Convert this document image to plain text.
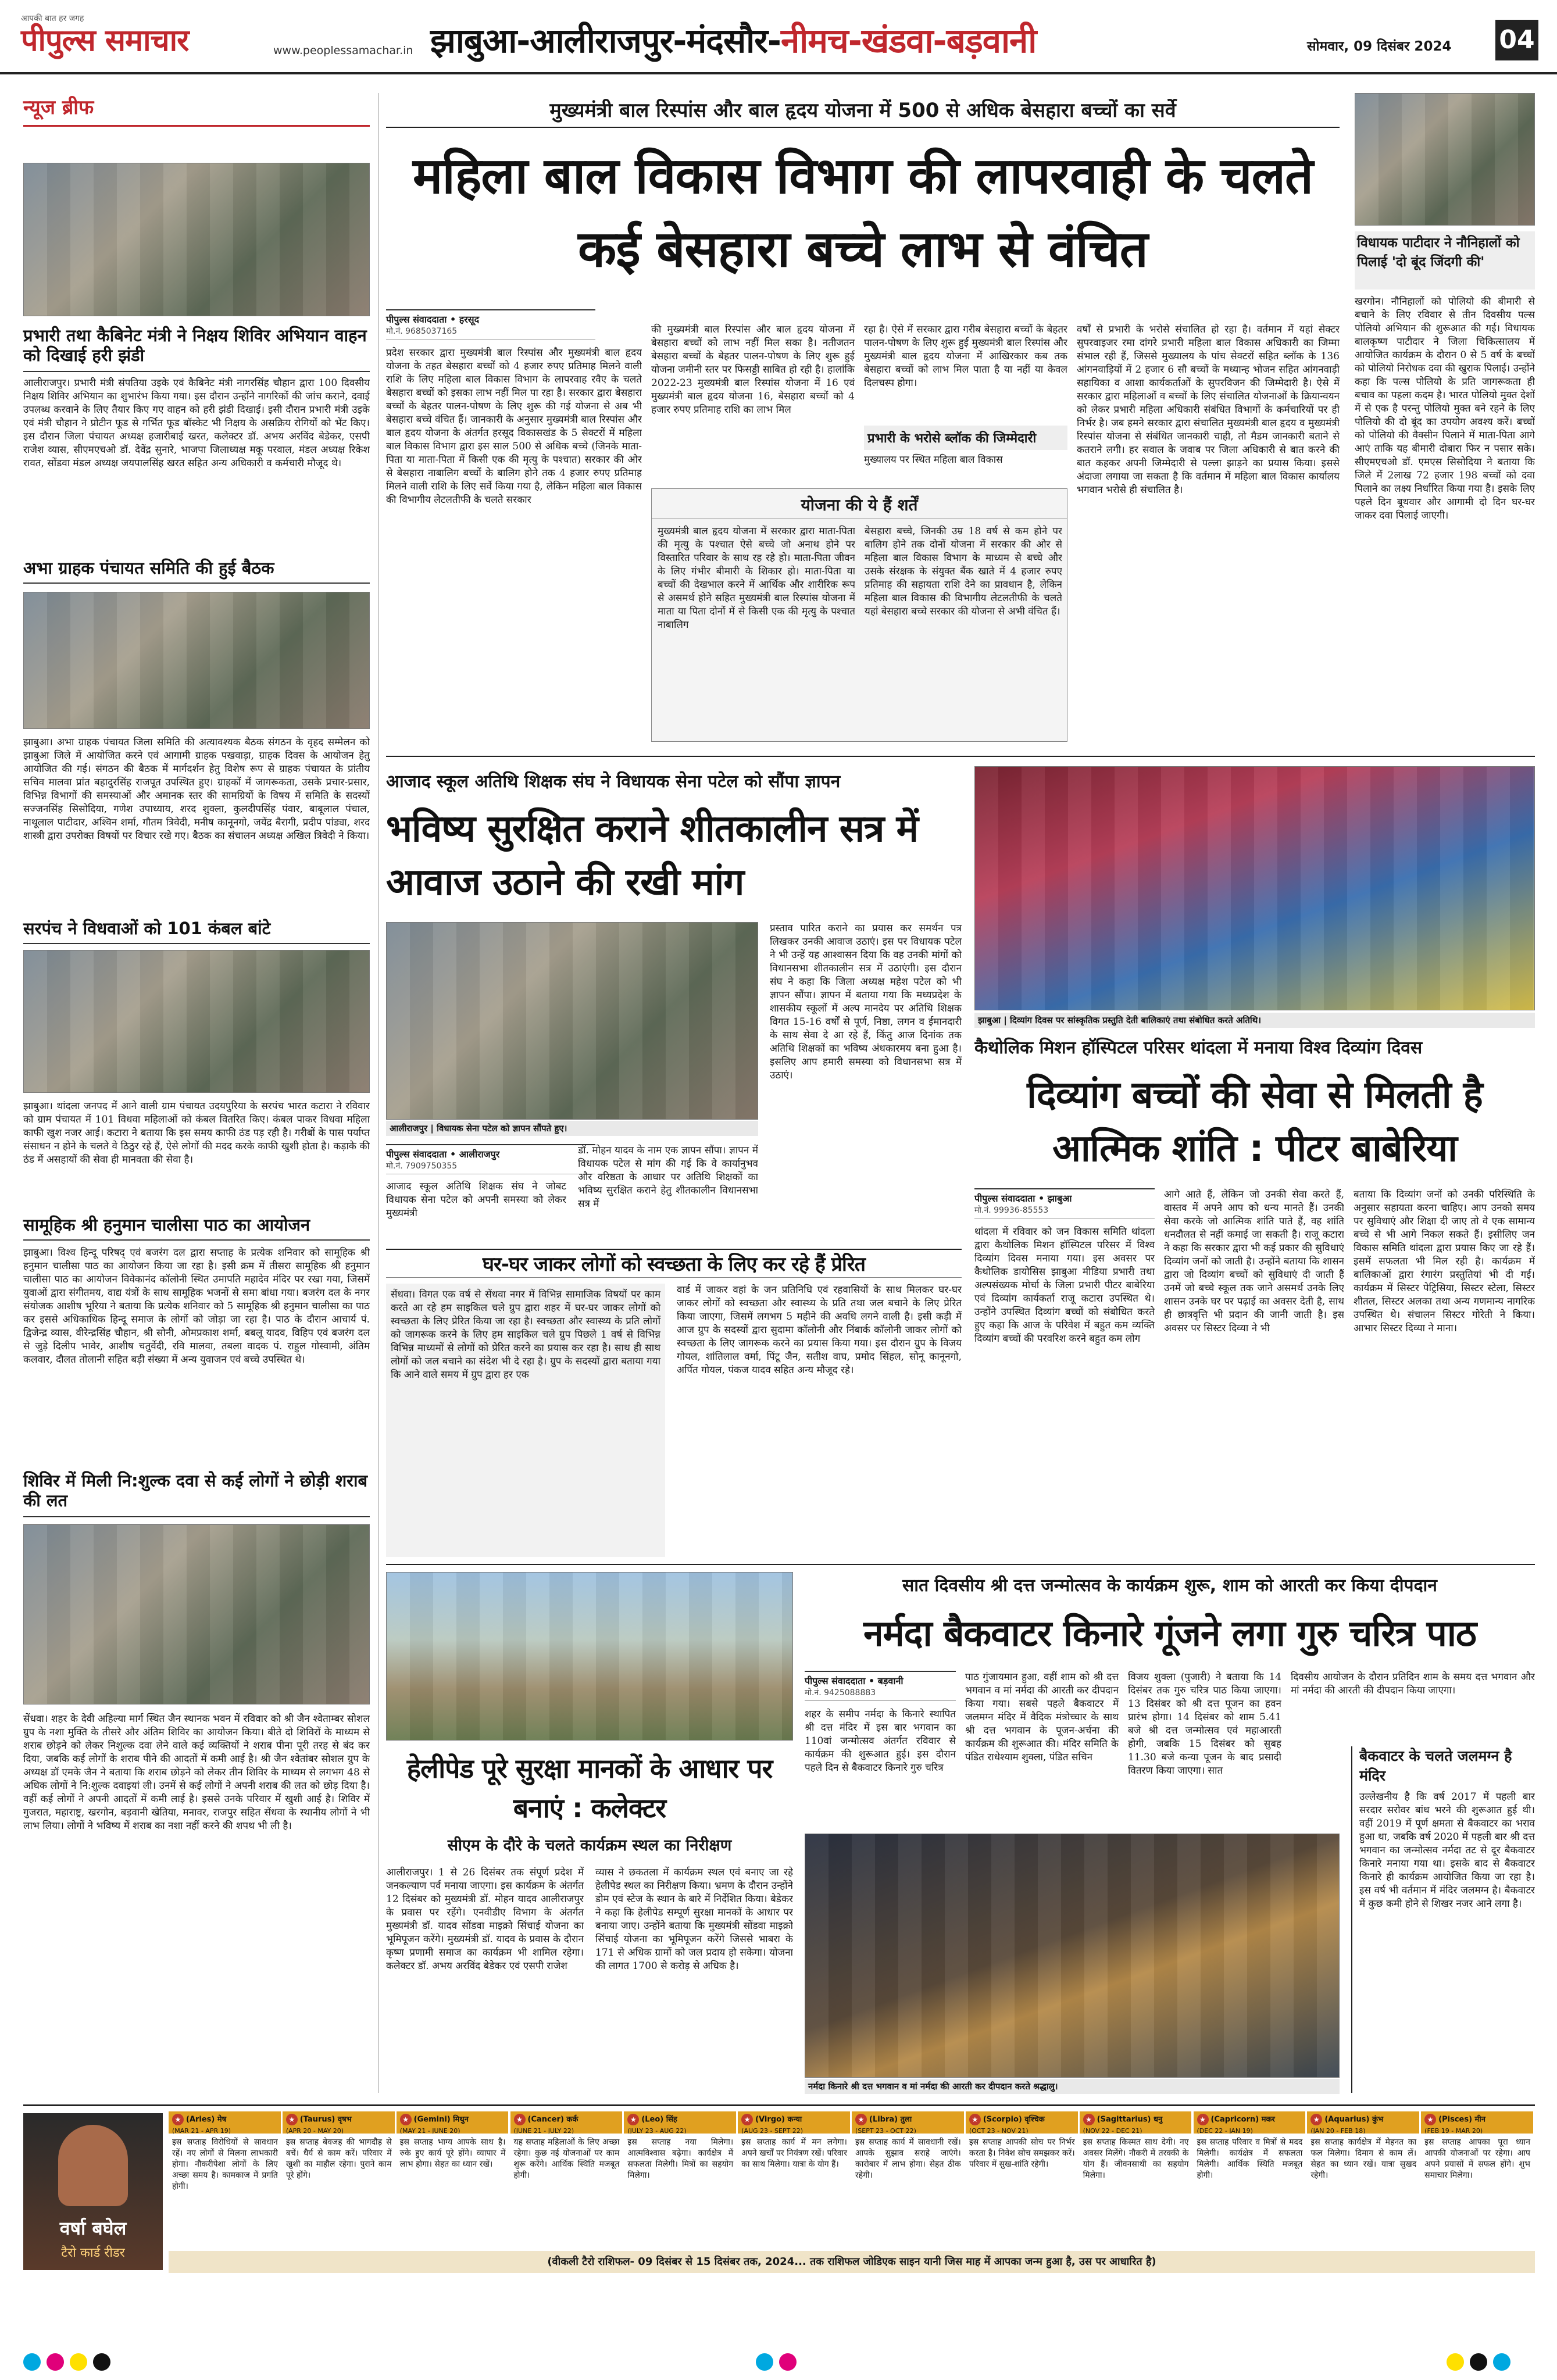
आपकी बात हर जगह
पीपुल्स समाचार	www.peoplessamachar.in झाबुआ-आलीराजपुर-मंदसौर-नीमच-खंडवा-बड़वानी	सोमवार, 09 दिसंबर 2024 04
न्यूज ब्रीफ
प्रभारी तथा कैबिनेट मंत्री ने निक्षय शिविर अभियान वाहन को दिखाई हरी झंडी
आलीराजपुर। प्रभारी मंत्री संपतिया उइके एवं कैबिनेट मंत्री नागरसिंह चौहान द्वारा 100 दिवसीय निक्षय शिविर अभियान का शुभारंभ किया गया। इस दौरान उन्होंने नागरिकों की जांच कराने, दवाई उपलब्ध करवाने के लिए तैयार किए गए वाहन को हरी झंडी दिखाई। इसी दौरान प्रभारी मंत्री उइके एवं मंत्री चौहान ने प्रोटीन फूड से गर्भित फूड बॉस्केट भी निक्षय के असक्रिय रोगियों को भेंट किए। इस दौरान जिला पंचायत अध्यक्ष हजारीबाई खरत, कलेक्टर डॉ. अभय अरविंद बेडेकर, एसपी राजेश व्यास, सीएमएचओ डॉ. देवेंद्र सुनारे, भाजपा जिलाध्यक्ष मकू परवाल, मंडल अध्यक्ष रिकेश रावत, सोंडवा मंडल अध्यक्ष जयपालसिंह खरत सहित अन्य अधिकारी व कर्मचारी मौजूद थे।
अभा ग्राहक पंचायत समिति की हुई बैठक
झाबुआ। अभा ग्राहक पंचायत जिला समिति की अत्यावश्यक बैठक संगठन के वृहद सम्मेलन को झाबुआ जिले में आयोजित करने एवं आगामी ग्राहक पखवाड़ा, ग्राहक दिवस के आयोजन हेतु आयोजित की गई। संगठन की बैठक में मार्गदर्शन हेतु विशेष रूप से ग्राहक पंचायत के प्रांतीय सचिव मालवा प्रांत बहादुरसिंह राजपूत उपस्थित हुए। ग्राहकों में जागरूकता, उसके प्रचार-प्रसार, विभिन्न विभागों की समस्याओं और अमानक स्तर की सामग्रियों के विषय में समिति के सदस्यों सज्जनसिंह सिसोदिया, गणेश उपाध्याय, शरद शुक्ला, कुलदीपसिंह पंवार, बाबूलाल पंचाल, नाथूलाल पाटीदार, अश्विन शर्मा, गौतम त्रिवेदी, मनीष कानूनगो, जयेंद्र बैरागी, प्रदीप पांड्या, शरद शास्त्री द्वारा उपरोक्त विषयों पर विचार रखे गए। बैठक का संचालन अध्यक्ष अखिल त्रिवेदी ने किया।
सरपंच ने विधवाओं को 101 कंबल बांटे
झाबुआ। थांदला जनपद में आने वाली ग्राम पंचायत उदयपुरिया के सरपंच भारत कटारा ने रविवार को ग्राम पंचायत में 101 विधवा महिलाओं को कंबल वितरित किए। कंबल पाकर विधवा महिला काफी खुश नजर आई। कटारा ने बताया कि इस समय काफी ठंड पड़ रही है। गरीबों के पास पर्याप्त संसाधन न होने के चलते वे ठिठुर रहे हैं, ऐसे लोगों की मदद करके काफी खुशी होता है। कड़ाके की ठंड में असहायों की सेवा ही मानवता की सेवा है।
सामूहिक श्री हनुमान चालीसा पाठ का आयोजन
झाबुआ। विश्व हिन्दू परिषद् एवं बजरंग दल द्वारा सप्ताह के प्रत्येक शनिवार को सामूहिक श्री हनुमान चालीसा पाठ का आयोजन किया जा रहा है। इसी क्रम में तीसरा सामूहिक श्री हनुमान चालीसा पाठ का आयोजन विवेकानंद कॉलोनी स्थित उमापति महादेव मंदिर पर रखा गया, जिसमें युवाओं द्वारा संगीतमय, वाद्य यंत्रों के साथ सामूहिक भजनों से समा बांधा गया। बजरंग दल के नगर संयोजक आशीष भूरिया ने बताया कि प्रत्येक शनिवार को 5 सामूहिक श्री हनुमान चालीसा का पाठ कर इससे अधिकाधिक हिन्दू समाज के लोगों को जोड़ा जा रहा है। पाठ के दौरान आचार्य पं. द्विजेन्द्र व्यास, वीरेन्द्रसिंह चौहान, श्री सोनी, ओमप्रकाश शर्मा, बबलू यादव, विहिप एवं बजरंग दल से जुड़े दिलीप भावेर, आशीष चतुर्वेदी, रवि मालवा, तबला वादक पं. राहुल गोस्वामी, अंतिम कलवार, दौलत तोलानी सहित बड़ी संख्या में अन्य युवाजन एवं बच्चे उपस्थित थे।
शिविर में मिली नि:शुल्क दवा से कई लोगों ने छोड़ी शराब की लत
सेंधवा। शहर के देवी अहिल्या मार्ग स्थित जैन स्थानक भवन में रविवार को श्री जैन श्वेताम्बर सोशल ग्रुप के नशा मुक्ति के तीसरे और अंतिम शिविर का आयोजन किया। बीते दो शिविरों के माध्यम से शराब छोड़ने को लेकर निशुल्क दवा लेने वाले कई व्यक्तियों ने शराब पीना पूरी तरह से बंद कर दिया, जबकि कई लोगों के शराब पीने की आदतों में कमी आई है। श्री जैन श्वेतांबर सोशल ग्रुप के अध्यक्ष डॉ एमके जैन ने बताया कि शराब छोड़ने को लेकर तीन शिविर के माध्यम से लगभग 48 से अधिक लोगों ने नि:शुल्क दवाइयां ली। उनमें से कई लोगों ने अपनी शराब की लत को छोड़ दिया है। वहीं कई लोगों ने अपनी आदतों में कमी लाई है। इससे उनके परिवार में खुशी आई है। शिविर में गुजरात, महाराष्ट्र, खरगोन, बड़वानी खेतिया, मनावर, राजपुर सहित सेंधवा के स्थानीय लोगों ने भी लाभ लिया। लोगों ने भविष्य में शराब का नशा नहीं करने की शपथ भी ली है।
मुख्यमंत्री बाल रिस्पांस और बाल हृदय योजना में 500 से अधिक बेसहारा बच्चों का सर्वे
महिला बाल विकास विभाग की लापरवाही के चलते कई बेसहारा बच्चे लाभ से वंचित
पीपुल्स संवाददाता • हरसूद
मो.नं. 9685037165
प्रदेश सरकार द्वारा मुख्यमंत्री बाल रिस्पांस और मुख्यमंत्री बाल हृदय योजना के तहत बेसहारा बच्चों को 4 हजार रुपए प्रतिमाह मिलने वाली राशि के लिए महिला बाल विकास विभाग के लापरवाह रवैए के चलते बेसहारा बच्चों को इसका लाभ नहीं मिल पा रहा है। सरकार द्वारा बेसहारा बच्चों के बेहतर पालन-पोषण के लिए शुरू की गई योजना से अब भी बेसहारा बच्चे वंचित हैं। जानकारी के अनुसार मुख्यमंत्री बाल रिस्पांस और बाल हृदय योजना के अंतर्गत हरसूद विकासखंड के 5 सेक्टरों में महिला बाल विकास विभाग द्वारा इस साल 500 से अधिक बच्चे (जिनके माता-पिता या माता-पिता में किसी एक की मृत्यु के पश्चात) सरकार की ओर से बेसहारा नाबालिग बच्चों के बालिग होने तक 4 हजार रुपए प्रतिमाह मिलने वाली राशि के लिए सर्वे किया गया है, लेकिन महिला बाल विकास की विभागीय लेटलतीफी के चलते सरकार
की मुख्यमंत्री बाल रिस्पांस और बाल हृदय योजना में बेसहारा बच्चों को लाभ नहीं मिल सका है। नतीजतन बेसहारा बच्चों के बेहतर पालन-पोषण के लिए शुरू हुई योजना जमीनी स्तर पर फिसड्डी साबित हो रही है। हालांकि 2022-23 मुख्यमंत्री बाल रिस्पांस योजना में 16 एवं मुख्यमंत्री बाल हृदय योजना 16, बेसहारा बच्चों को 4 हजार रुपए प्रतिमाह राशि का लाभ मिल
रहा है। ऐसे में सरकार द्वारा गरीब बेसहारा बच्चों के बेहतर पालन-पोषण के लिए शुरू हुई मुख्यमंत्री बाल रिस्पांस और मुख्यमंत्री बाल हृदय योजना में आखिरकार कब तक बेसहारा बच्चों को लाभ मिल पाता है या नहीं या केवल दिलचस्प होगा।
प्रभारी के भरोसे ब्लॉक की जिम्मेदारी
मुख्यालय पर स्थित महिला बाल विकास
वर्षों से प्रभारी के भरोसे संचालित हो रहा है। वर्तमान में यहां सेक्टर सुपरवाइजर रमा दांगरे प्रभारी महिला बाल विकास अधिकारी का जिम्मा संभाल रही हैं, जिससे मुख्यालय के पांच सेक्टरों सहित ब्लॉक के 136 आंगनवाड़ियों में 2 हजार 6 सौ बच्चों के मध्यान्ह भोजन सहित आंगनवाड़ी सहायिका व आशा कार्यकर्ताओं के सुपरविजन की जिम्मेदारी है। ऐसे में सरकार द्वारा महिलाओं व बच्चों के लिए संचालित योजनाओं के क्रियान्वयन को लेकर प्रभारी महिला अधिकारी संबंधित विभागों के कर्मचारियों पर ही निर्भर है। जब हमने सरकार द्वारा संचालित मुख्यमंत्री बाल हृदय व मुख्यमंत्री रिस्पांस योजना से संबंधित जानकारी चाही, तो मैडम जानकारी बताने से कतराने लगी। हर सवाल के जवाब पर जिला अधिकारी से बात करने की बात कहकर अपनी जिम्मेदारी से पल्ला झाड़ने का प्रयास किया। इससे अंदाजा लगाया जा सकता है कि वर्तमान में महिला बाल विकास कार्यालय भगवान भरोसे ही संचालित है।
योजना की ये हैं शर्तें
मुख्यमंत्री बाल हृदय योजना में सरकार द्वारा माता-पिता की मृत्यु के पश्चात ऐसे बच्चे जो अनाथ होने पर विस्तारित परिवार के साथ रह रहे हो। माता-पिता जीवन के लिए गंभीर बीमारी के शिकार हो। माता-पिता या बच्चों की देखभाल करने में आर्थिक और शारीरिक रूप से असमर्थ होने सहित मुख्यमंत्री बाल रिस्पांस योजना में माता या पिता दोनों में से किसी एक की मृत्यु के पश्चात नाबालिग
बेसहारा बच्चे, जिनकी उम्र 18 वर्ष से कम होने पर बालिग होने तक दोनों योजना में सरकार की ओर से महिला बाल विकास विभाग के माध्यम से बच्चे और उसके संरक्षक के संयुक्त बैंक खाते में 4 हजार रुपए प्रतिमाह की सहायता राशि देने का प्रावधान है, लेकिन महिला बाल विकास की विभागीय लेटलतीफी के चलते यहां बेसहारा बच्चे सरकार की योजना से अभी वंचित हैं।
विधायक पाटीदार ने नौनिहालों को पिलाई 'दो बूंद जिंदगी की'
खरगोन। नौनिहालों को पोलियो की बीमारी से बचाने के लिए रविवार से तीन दिवसीय पल्स पोलियो अभियान की शुरूआत की गई। विधायक बालकृष्ण पाटीदार ने जिला चिकित्सालय में आयोजित कार्यक्रम के दौरान 0 से 5 वर्ष के बच्चों को पोलियो निरोधक दवा की खुराक पिलाई। उन्होंने कहा कि पल्स पोलियो के प्रति जागरूकता ही बचाव का पहला कदम है। भारत पोलियो मुक्त देशों में से एक है परन्तु पोलियो मुक्त बने रहने के लिए पोलियो की दो बूंद का उपयोग अवश्य करें। बच्चों को पोलियो की वैक्सीन पिलाने में माता-पिता आगे आएं ताकि यह बीमारी दोबारा फिर न पसार सके। सीएमएचओ डॉ. एमएस सिसोदिया ने बताया कि जिले में 2लाख 72 हजार 198 बच्चों को दवा पिलाने का लक्ष्य निर्धारित किया गया है। इसके लिए पहले दिन बूथवार और आगामी दो दिन घर-घर जाकर दवा पिलाई जाएगी।
आजाद स्कूल अतिथि शिक्षक संघ ने विधायक सेना पटेल को सौंपा ज्ञापन
भविष्य सुरक्षित कराने शीतकालीन सत्र में आवाज उठाने की रखी मांग
आलीराजपुर | विधायक सेना पटेल को ज्ञापन सौंपते हुए।
पीपुल्स संवाददाता • आलीराजपुर
मो.नं. 7909750355
आजाद स्कूल अतिथि शिक्षक संघ ने जोबट विधायक सेना पटेल को अपनी समस्या को लेकर मुख्यमंत्री
डॉ. मोहन यादव के नाम एक ज्ञापन सौंपा। ज्ञापन में विधायक पटेल से मांग की गई कि वे कार्यानुभव और वरिष्ठता के आधार पर अतिथि शिक्षकों का भविष्य सुरक्षित कराने हेतु शीतकालीन विधानसभा सत्र में
प्रस्ताव पारित कराने का प्रयास कर समर्थन पत्र लिखकर उनकी आवाज उठाएं। इस पर विधायक पटेल ने भी उन्हें यह आश्वासन दिया कि वह उनकी मांगों को विधानसभा शीतकालीन सत्र में उठाएंगी। इस दौरान संघ ने कहा कि जिला अध्यक्ष महेश पटेल को भी ज्ञापन सौंपा। ज्ञापन में बताया गया कि मध्यप्रदेश के शासकीय स्कूलों में अल्प मानदेय पर अतिथि शिक्षक विगत 15-16 वर्षों से पूर्ण, निष्ठा, लगन व ईमानदारी के साथ सेवा दे आ रहे हैं, किंतु आज दिनांक तक अतिथि शिक्षकों का भविष्य अंधकारमय बना हुआ है। इसलिए आप हमारी समस्या को विधानसभा सत्र में उठाएं।
घर-घर जाकर लोगों को स्वच्छता के लिए कर रहे हैं प्रेरित
झाबुआ | दिव्यांग दिवस पर सांस्कृतिक प्रस्तुति देती बालिकाएं तथा संबोधित करते अतिथि।
कैथोलिक मिशन हॉस्पिटल परिसर थांदला में मनाया विश्व दिव्यांग दिवस
दिव्यांग बच्चों की सेवा से मिलती है आत्मिक शांति : पीटर बाबेरिया
पीपुल्स संवाददाता • झाबुआ
मो.नं. 99936-85553
थांदला में रविवार को जन विकास समिति थांदला द्वारा कैथोलिक मिशन हॉस्पिटल परिसर में विश्व दिव्यांग दिवस मनाया गया। इस अवसर पर कैथोलिक डायोसिस झाबुआ मीडिया प्रभारी तथा अल्पसंख्यक मोर्चा के जिला प्रभारी पीटर बाबेरिया एवं दिव्यांग कार्यकर्ता राजू कटारा उपस्थित थे। उन्होंने उपस्थित दिव्यांग बच्चों को संबोधित करते हुए कहा कि आज के परिवेश में बहुत कम व्यक्ति दिव्यांग बच्चों की परवरिश करने बहुत कम लोग
आगे आते हैं, लेकिन जो उनकी सेवा करते हैं, वास्तव में अपने आप को धन्य मानते हैं। उनकी सेवा करके जो आत्मिक शांति पाते हैं, वह शांति धनदौलत से नहीं कमाई जा सकती है। राजू कटारा ने कहा कि सरकार द्वारा भी कई प्रकार की सुविधाएं दिव्यांग जनों को जाती है। उन्होंने बताया कि शासन द्वारा जो दिव्यांग बच्चों को सुविधाएं दी जाती हैं उनमें जो बच्चे स्कूल तक जाने असमर्थ उनके लिए शासन उनके घर पर पढ़ाई का अवसर देती है, साथ ही छात्रवृत्ति भी प्रदान की जानी जाती है। इस अवसर पर सिस्टर दिव्या ने भी
बताया कि दिव्यांग जनों को उनकी परिस्थिति के अनुसार सहायता करना चाहिए। आप उनको समय पर सुविधाएं और शिक्षा दी जाए तो वे एक सामान्य बच्चे से भी आगे निकल सकते हैं। इसीलिए जन विकास समिति थांदला द्वारा प्रयास किए जा रहे हैं। इसमें सफलता भी मिल रही है। कार्यक्रम में बालिकाओं द्वारा रंगारंग प्रस्तुतियां भी दी गई। कार्यक्रम में सिस्टर पेट्रिसिया, सिस्टर स्टेला, सिस्टर शीतल, सिस्टर अलका तथा अन्य गणमान्य नागरिक उपस्थित थे। संचालन सिस्टर गोरेती ने किया। आभार सिस्टर दिव्या ने माना।
सेंधवा। विगत एक वर्ष से सेंधवा नगर में विभिन्न सामाजिक विषयों पर काम करते आ रहे हम साइकिल चले ग्रुप द्वारा शहर में घर-घर जाकर लोगों को स्वच्छता के लिए प्रेरित किया जा रहा है। स्वच्छता और स्वास्थ्य के प्रति लोगों को जागरूक करने के लिए हम साइकिल चले ग्रुप पिछले 1 वर्ष से विभिन्न विभिन्न माध्यमों से लोगों को प्रेरित करने का प्रयास कर रहा है। साथ ही साथ लोगों को जल बचाने का संदेश भी दे रहा है। ग्रुप के सदस्यों द्वारा बताया गया कि आने वाले समय में ग्रुप द्वारा हर एक
वार्ड में जाकर वहां के जन प्रतिनिधि एवं रहवासियों के साथ मिलकर घर-घर जाकर लोगों को स्वच्छता और स्वास्थ्य के प्रति तथा जल बचाने के लिए प्रेरित किया जाएगा, जिसमें लगभग 5 महीने की अवधि लगने वाली है। इसी कड़ी में आज ग्रुप के सदस्यों द्वारा सुदामा कॉलोनी और निंबार्क कॉलोनी जाकर लोगों को स्वच्छता के लिए जागरूक करने का प्रयास किया गया। इस दौरान ग्रुप के विजय गोयल, शांतिलाल वर्मा, पिंटू जैन, सतीश वाघ, प्रमोद सिंहल, सोनू कानूनगो, अर्पित गोयल, पंकज यादव सहित अन्य मौजूद रहे।
हेलीपेड पूरे सुरक्षा मानकों के आधार पर बनाएं : कलेक्टर
सीएम के दौरे के चलते कार्यक्रम स्थल का निरीक्षण
आलीराजपुर। 1 से 26 दिसंबर तक संपूर्ण प्रदेश में जनकल्याण पर्व मनाया जाएगा। इस कार्यक्रम के अंतर्गत 12 दिसंबर को मुख्यमंत्री डॉ. मोहन यादव आलीराजपुर के प्रवास पर रहेंगे। एनवीडीए विभाग के अंतर्गत मुख्यमंत्री डॉ. यादव सोंडवा माइक्रो सिंचाई योजना का भूमिपूजन करेंगे। मुख्यमंत्री डॉ. यादव के प्रवास के दौरान कृष्ण प्रणामी समाज का कार्यक्रम भी शामिल रहेगा। कलेक्टर डॉ. अभय अरविंद बेडेकर एवं एसपी राजेश
व्यास ने छकतला में कार्यक्रम स्थल एवं बनाए जा रहे हेलीपेड स्थल का निरीक्षण किया। भ्रमण के दौरान उन्होंने डोम एवं स्टेज के स्थान के बारे में निर्देशित किया। बेडेकर ने कहा कि हेलीपेड सम्पूर्ण सुरक्षा मानकों के आधार पर बनाया जाए। उन्होंने बताया कि मुख्यमंत्री सोंडवा माइक्रो सिंचाई योजना का भूमिपूजन करेंगे जिससे भाबरा के 171 से अधिक ग्रामों को जल प्रदाय हो सकेगा। योजना की लागत 1700 से करोड़ से अधिक है।
सात दिवसीय श्री दत्त जन्मोत्सव के कार्यक्रम शुरू, शाम को आरती कर किया दीपदान
नर्मदा बैकवाटर किनारे गूंजने लगा गुरु चरित्र पाठ
पीपुल्स संवाददाता • बड़वानी
मो.नं. 9425088883
शहर के समीप नर्मदा के किनारे स्थापित श्री दत्त मंदिर में इस बार भगवान का 110वां जन्मोत्सव अंतर्गत रविवार से कार्यक्रम की शुरूआत हुई। इस दौरान पहले दिन से बैकवाटर किनारे गुरु चरित्र
पाठ गुंजायमान हुआ, वहीं शाम को श्री दत्त भगवान व मां नर्मदा की आरती कर दीपदान किया गया। सबसे पहले बैकवाटर में जलमग्न मंदिर में वैदिक मंत्रोच्चार के साथ श्री दत्त भगवान के पूजन-अर्चना की कार्यक्रम की शुरूआत की। मंदिर समिति के पंडित राधेश्याम शुक्ला, पंडित सचिन
विजय शुक्ला (पुजारी) ने बताया कि 14 दिसंबर तक गुरु चरित्र पाठ किया जाएगा। 13 दिसंबर को श्री दत्त पूजन का हवन प्रारंभ होगा। 14 दिसंबर को शाम 5.41 बजे श्री दत्त जन्मोत्सव एवं महाआरती होगी, जबकि 15 दिसंबर को सुबह 11.30 बजे कन्या पूजन के बाद प्रसादी वितरण किया जाएगा। सात
दिवसीय आयोजन के दौरान प्रतिदिन शाम के समय दत्त भगवान और मां नर्मदा की आरती की दीपदान किया जाएगा।
नर्मदा किनारे श्री दत्त भगवान व मां नर्मदा की आरती कर दीपदान करते श्रद्धालु।
बैकवाटर के चलते जलमग्न है मंदिर
उल्लेखनीय है कि वर्ष 2017 में पहली बार सरदार सरोवर बांध भरने की शुरूआत हुई थी। वहीं 2019 में पूर्ण क्षमता से बैकवाटर का भराव हुआ था, जबकि वर्ष 2020 में पहली बार श्री दत्त भगवान का जन्मोत्सव नर्मदा तट से दूर बैकवाटर किनारे मनाया गया था। इसके बाद से बैकवाटर किनारे ही कार्यक्रम आयोजित किया जा रहा है। इस वर्ष भी वर्तमान में मंदिर जलमग्न है। बैकवाटर में कुछ कमी होने से शिखर नजर आने लगा है।
वर्षा बघेल
टैरो कार्ड रीडर
★ (Aries) मेष
(MAR 21 - APR 19)
इस सप्ताह विरोधियों से सावधान रहें। नए लोगों से मिलना लाभकारी होगा। नौकरीपेशा लोगों के लिए अच्छा समय है। कामकाज में प्रगति होगी।
★ (Taurus) वृषभ
(APR 20 - MAY 20)
इस सप्ताह बेवजह की भागदौड़ से बचें। धैर्य से काम करें। परिवार में खुशी का माहौल रहेगा। पुराने काम पूरे होंगे।
★ (Gemini) मिथुन
(MAY 21 - JUNE 20)
इस सप्ताह भाग्य आपके साथ है। रुके हुए कार्य पूरे होंगे। व्यापार में लाभ होगा। सेहत का ध्यान रखें।
★ (Cancer) कर्क
(JUNE 21 - JULY 22)
यह सप्ताह महिलाओं के लिए अच्छा रहेगा। कुछ नई योजनाओं पर काम शुरू करेंगे। आर्थिक स्थिति मजबूत होगी।
★ (Leo) सिंह
(JULY 23 - AUG 22)
इस सप्ताह नया मिलेगा। आत्मविश्वास बढ़ेगा। कार्यक्षेत्र में सफलता मिलेगी। मित्रों का सहयोग मिलेगा।
★ (Virgo) कन्या
(AUG 23 - SEPT 22)
इस सप्ताह कार्य में मन लगेगा। अपने खर्चों पर नियंत्रण रखें। परिवार का साथ मिलेगा। यात्रा के योग हैं।
★ (Libra) तुला
(SEPT 23 - OCT 22)
इस सप्ताह कार्य में सावधानी रखें। आपके सुझाव सराहे जाएंगे। कारोबार में लाभ होगा। सेहत ठीक रहेगी।
★ (Scorpio) वृश्चिक
(OCT 23 - NOV 21)
इस सप्ताह आपकी सोच पर निर्भर करता है। निवेश सोच समझकर करें। परिवार में सुख-शांति रहेगी।
★ (Sagittarius) धनु
(NOV 22 - DEC 21)
इस सप्ताह किस्मत साथ देगी। नए अवसर मिलेंगे। नौकरी में तरक्की के योग हैं। जीवनसाथी का सहयोग मिलेगा।
★ (Capricorn) मकर
(DEC 22 - JAN 19)
इस सप्ताह परिवार व मित्रों से मदद मिलेगी। कार्यक्षेत्र में सफलता मिलेगी। आर्थिक स्थिति मजबूत होगी।
★ (Aquarius) कुंभ
(JAN 20 - FEB 18)
इस सप्ताह कार्यक्षेत्र में मेहनत का फल मिलेगा। दिमाग से काम लें। सेहत का ध्यान रखें। यात्रा सुखद रहेगी।
★ (Pisces) मीन
(FEB 19 - MAR 20)
इस सप्ताह आपका पूरा ध्यान आपकी योजनाओं पर रहेगा। आप अपने प्रयासों में सफल होंगे। शुभ समाचार मिलेगा।
(वीकली टैरो राशिफल- 09 दिसंबर से 15 दिसंबर तक, 2024... तक राशिफल जोडिएक साइन यानी जिस माह में आपका जन्म हुआ है, उस पर आधारित है)
